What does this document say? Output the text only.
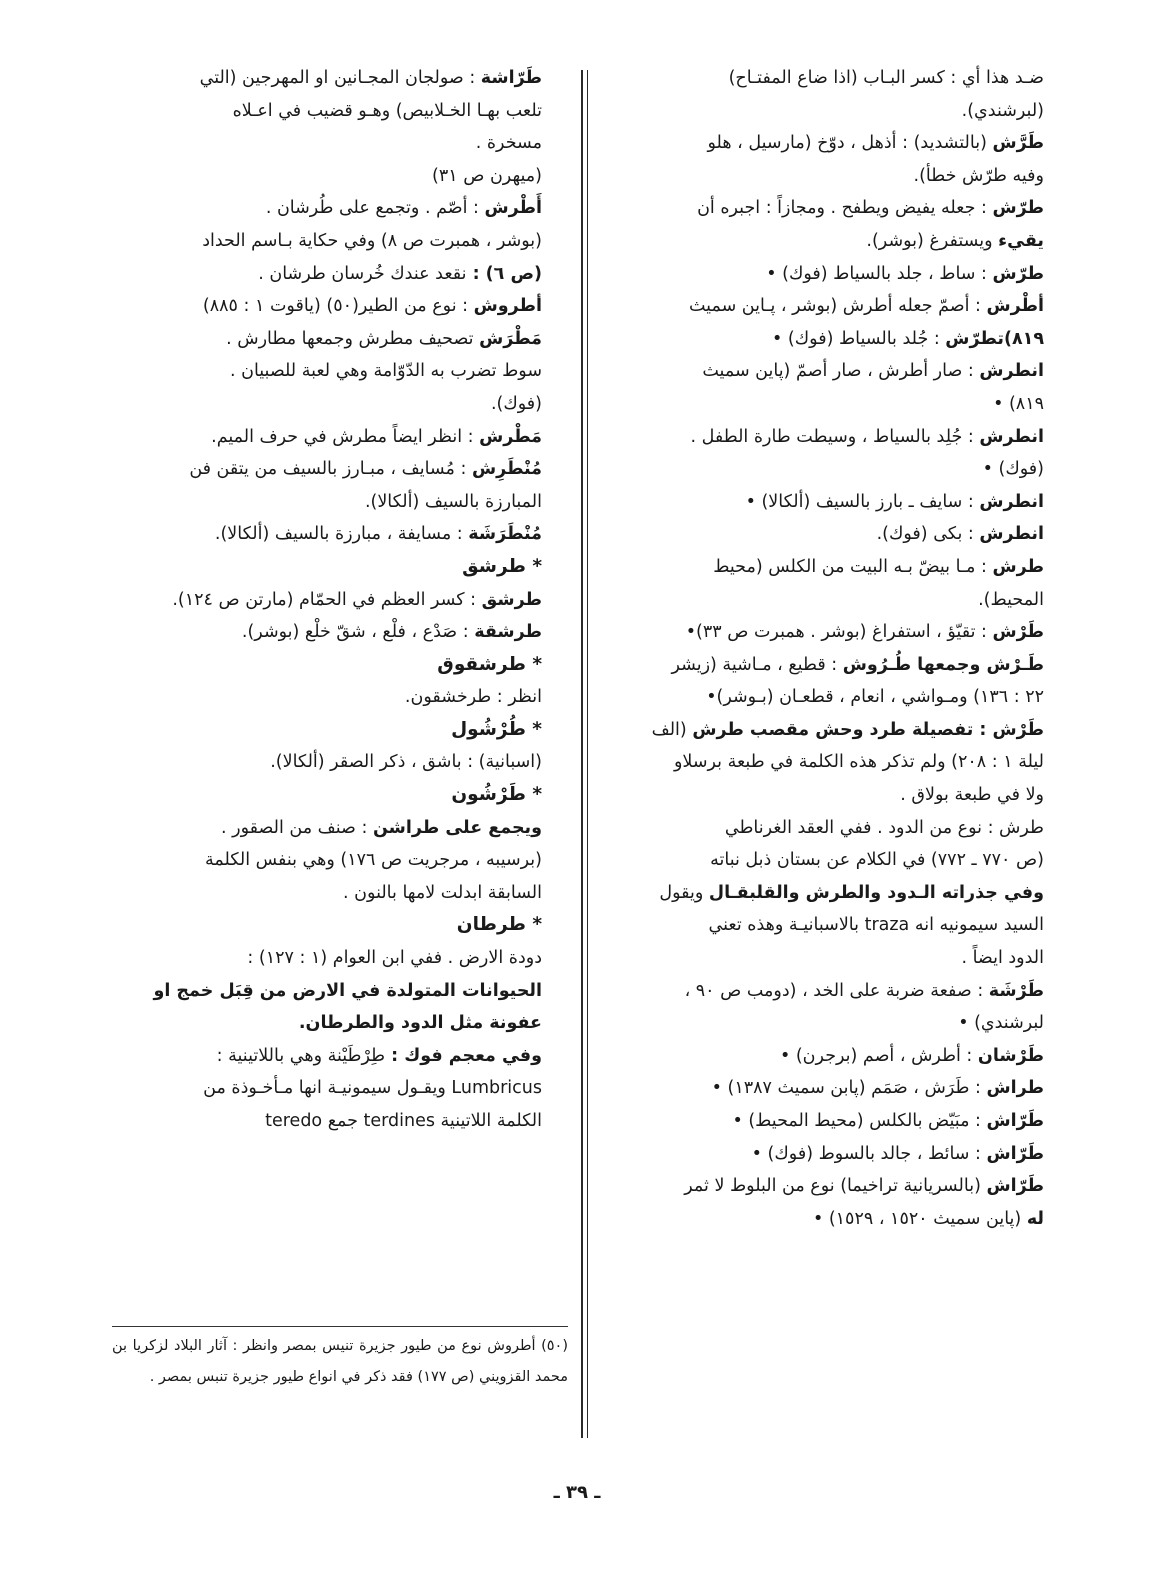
ضـد هذا أي : كسر البـاب (اذا ضاع المفتـاح)
(لبرشندي).
طَرَّش (بالتشديد) : أذهل ، دوّخ (مارسيل ، هلو
وفيه طرّش خطأ).
طرّش : جعله يفيض ويطفح . ومجازاً : اجبره أن
يقيء ويستفرغ (بوشر).
طرّش : ساط ، جلد بالسياط (فوك) •
أطْرش : أصمّ جعله أطرش (بوشر ، پـاين سميث
٨١٩)تطرّش : جُلد بالسياط (فوك) •
انطرش : صار أطرش ، صار أصمّ (پاين سميث
٨١٩) •
انطرش : جُلِد بالسياط ، وسيطت طارة الطفل .
(فوك) •
انطرش : سايف ـ بارز بالسيف (ألكالا) •
انطرش : بكى (فوك).
طرش : مـا بيضّ بـه البيت من الكلس (محيط
المحيط).
طَرْش : تقيّؤ ، استفراغ (بوشر . همبرت ص ٣٣)•
طَـرْش وجمعها طُـرُوش : قطيع ، مـاشية (زيشر
٢٢ : ١٣٦) ومـواشي ، انعام ، قطعـان (بـوشر)•
طَرْش : تفصيلة طرد وحش مقصب طرش (الف
ليلة ١ : ٢٠٨) ولم تذكر هذه الكلمة في طبعة برسلاو
ولا في طبعة بولاق .
طرش : نوع من الدود . ففي العقد الغرناطي
(ص ٧٧٠ ـ ٧٧٢) في الكلام عن بستان ذبل نباته
وفي جذراته الـدود والطرش والقلبقـال ويقول
السيد سيمونيه انه traza بالاسبانيـة وهذه تعني
الدود ايضاً .
طَرْشَة : صفعة ضربة على الخد ، (دومب ص ٩٠ ،
لبرشندي) •
طَرْشان : أطرش ، أصم (برجرن) •
طراش : طَرَش ، صَمَم (پابن سميث ١٣٨٧) •
طَرّاش : مبَيّض بالكلس (محيط المحيط) •
طَرّاش : سائط ، جالد بالسوط (فوك) •
طَرّاش (بالسريانية تراخيما) نوع من البلوط لا ثمر
له (پاين سميث ١٥٢٠ ، ١٥٢٩) •
طَرّاشة : صولجان المجـانين او المهرجين (التي
تلعب بهـا الخـلابيص) وهـو قضيب في اعـلاه
مسخرة .
(ميهرن ص ٣١)
أَطْرش : أصّم . وتجمع على طُرشان .
(بوشر ، همبرت ص ٨) وفي حكاية بـاسم الحداد
(ص ٦) : نقعد عندك خُرسان طرشان .
أطروش : نوع من الطير(٥٠) (ياقوت ١ : ٨٨٥)
مَطْرَش تصحيف مطرش وجمعها مطارش .
سوط تضرب به الدّوّامة وهي لعبة للصبيان .
(فوك).
مَطْرش : انظر ايضاً مطرش في حرف الميم.
مُنْطَرِش : مُسايف ، مبـارز بالسيف من يتقن فن
المبارزة بالسيف (ألكالا).
مُنْطَرَشَة : مسايفة ، مبارزة بالسيف (ألكالا).
* طرشق
طرشق : كسر العظم في الحمّام (مارتن ص ١٢٤).
طرشقة : صَدْع ، فلْع ، شقّ خلْع (بوشر).
* طرشقوق
انظر : طرخشقون.
* طُرْشُول
(اسبانية) : باشق ، ذكر الصقر (ألكالا).
* طَرْشُون
ويجمع على طراشن : صنف من الصقور .
(برسيبه ، مرجريت ص ١٧٦) وهي بنفس الكلمة
السابقة ابدلت لامها بالنون .
* طرطان
دودة الارض . ففي ابن العوام (١ : ١٢٧) :
الحيوانات المتولدة في الارض من قِبَل خمج او
عفونة مثل الدود والطرطان.
وفي معجم فوك : طِرْطَيْنة وهي باللاتينية :
Lumbricus ويقـول سيمونيـة انها مـأخـوذة من
الكلمة اللاتينية terdines جمع teredo
(٥٠) أطروش نوع من طيور جزيرة تنيس بمصر وانظر : آثار البلاد لزكريا بن محمد القزويني (ص ١٧٧) فقد ذكر في انواع طيور جزيرة تنبس بمصر .
ـ ٣٩ ـ
